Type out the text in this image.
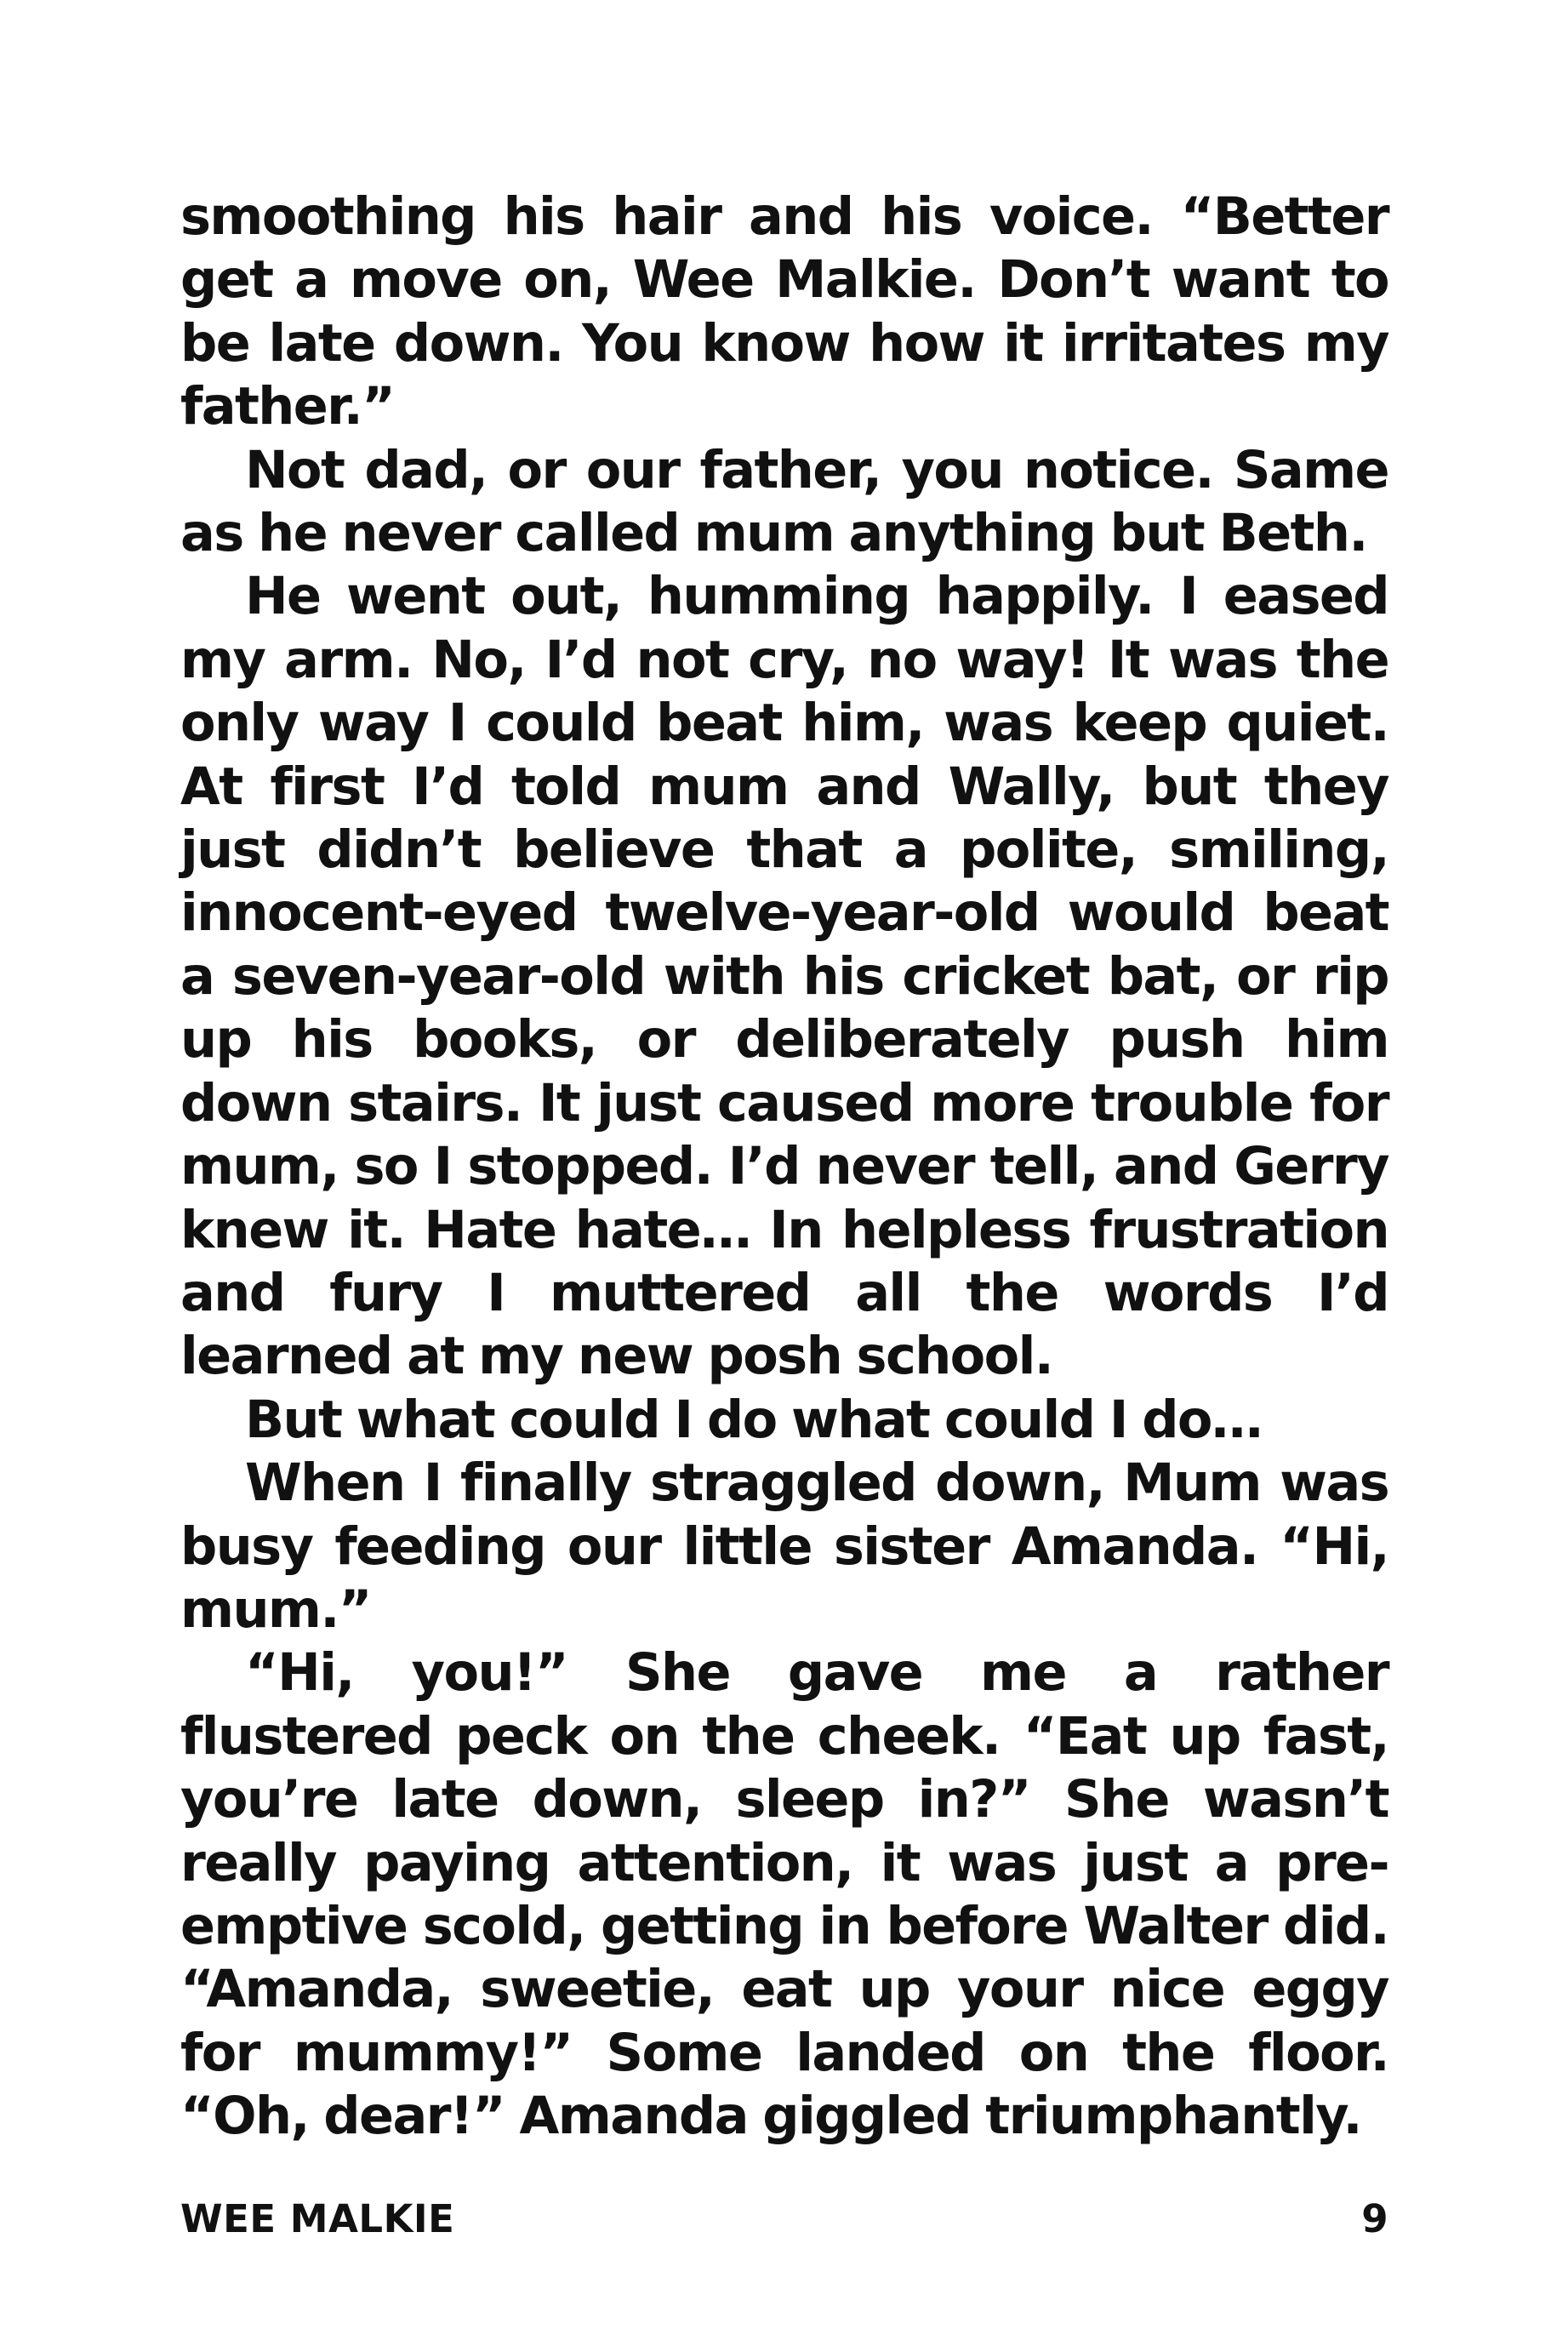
smoothing his hair and his voice. “Better get a move on, Wee Malkie. Don’t want to be late down. You know how it irritates my father.”

Not dad, or our father, you notice. Same as he never called mum anything but Beth.

He went out, humming happily. I eased my arm. No, I’d not cry, no way! It was the only way I could beat him, was keep quiet. At first I’d told mum and Wally, but they just didn’t believe that a polite, smiling, innocent-eyed twelve-year-old would beat a seven-year-old with his cricket bat, or rip up his books, or deliberately push him down stairs. It just caused more trouble for mum, so I stopped. I’d never tell, and Gerry knew it. Hate hate… In helpless frustration and fury I muttered all the words I’d learned at my new posh school.

But what could I do what could I do…

When I finally straggled down, Mum was busy feeding our little sister Amanda. “Hi, mum.”

“Hi, you!” She gave me a rather flustered peck on the cheek. “Eat up fast, you’re late down, sleep in?” She wasn’t really paying attention, it was just a pre-emptive scold, getting in before Walter did. “Amanda, sweetie, eat up your nice eggy for mummy!” Some landed on the floor. “Oh, dear!” Amanda giggled triumphantly.

WEE MALKIE	9
